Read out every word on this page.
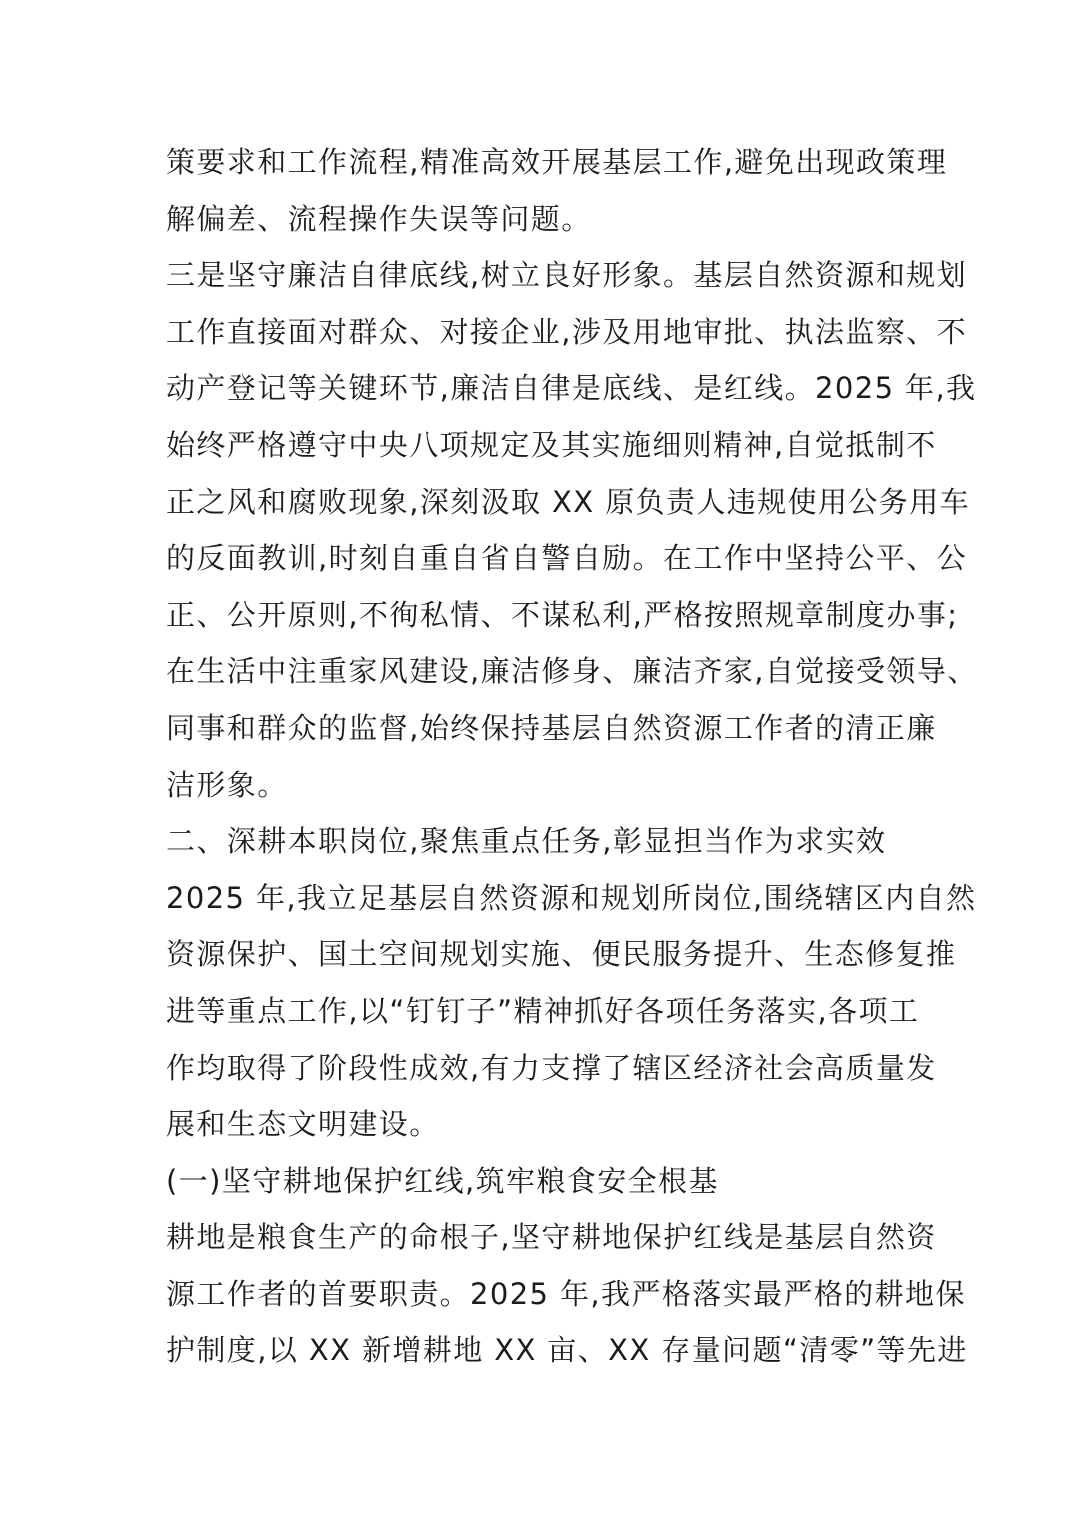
策要求和工作流程,精准高效开展基层工作,避免出现政策理
解偏差、流程操作失误等问题。
三是坚守廉洁自律底线,树立良好形象。基层自然资源和规划
工作直接面对群众、对接企业,涉及用地审批、执法监察、不
动产登记等关键环节,廉洁自律是底线、是红线。2025 年,我
始终严格遵守中央八项规定及其实施细则精神,自觉抵制不
正之风和腐败现象,深刻汲取 XX 原负责人违规使用公务用车
的反面教训,时刻自重自省自警自励。在工作中坚持公平、公
正、公开原则,不徇私情、不谋私利,严格按照规章制度办事;
在生活中注重家风建设,廉洁修身、廉洁齐家,自觉接受领导、
同事和群众的监督,始终保持基层自然资源工作者的清正廉
洁形象。
二、深耕本职岗位,聚焦重点任务,彰显担当作为求实效
2025 年,我立足基层自然资源和规划所岗位,围绕辖区内自然
资源保护、国土空间规划实施、便民服务提升、生态修复推
进等重点工作,以“钉钉子”精神抓好各项任务落实,各项工
作均取得了阶段性成效,有力支撑了辖区经济社会高质量发
展和生态文明建设。
(一)坚守耕地保护红线,筑牢粮食安全根基
耕地是粮食生产的命根子,坚守耕地保护红线是基层自然资
源工作者的首要职责。2025 年,我严格落实最严格的耕地保
护制度,以 XX 新增耕地 XX 亩、XX 存量问题“清零”等先进
